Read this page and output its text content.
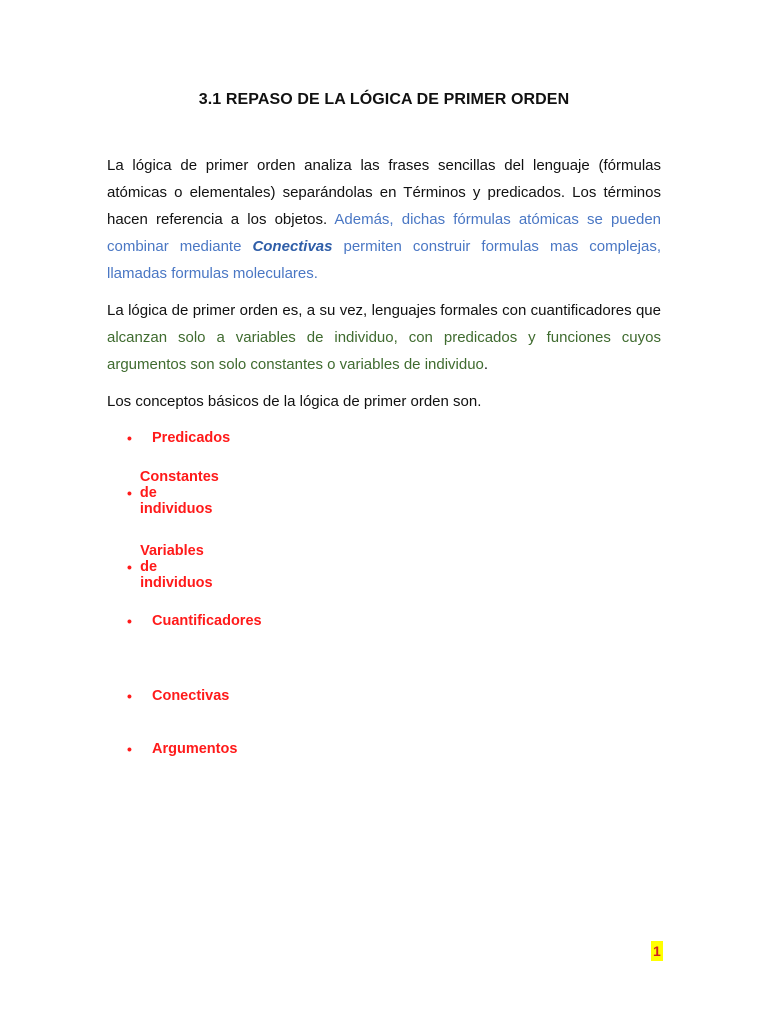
3.1 REPASO DE LA LÓGICA DE PRIMER ORDEN

La lógica de primer orden analiza las frases sencillas del lenguaje (fórmulas atómicas o elementales) separándolas en Términos y predicados. Los términos hacen referencia a los objetos. Además, dichas fórmulas atómicas se pueden combinar mediante Conectivas permiten construir formulas mas complejas, llamadas formulas moleculares.

La lógica de primer orden es, a su vez, lenguajes formales con cuantificadores que alcanzan solo a variables de individuo, con predicados y funciones cuyos argumentos son solo constantes o variables de individuo.

Los conceptos básicos de la lógica de primer orden son.

•	Predicados
•
Constantes de individuos
•
Variables de individuos
•	Cuantificadores
•	Conectivas
•	Argumentos
1
